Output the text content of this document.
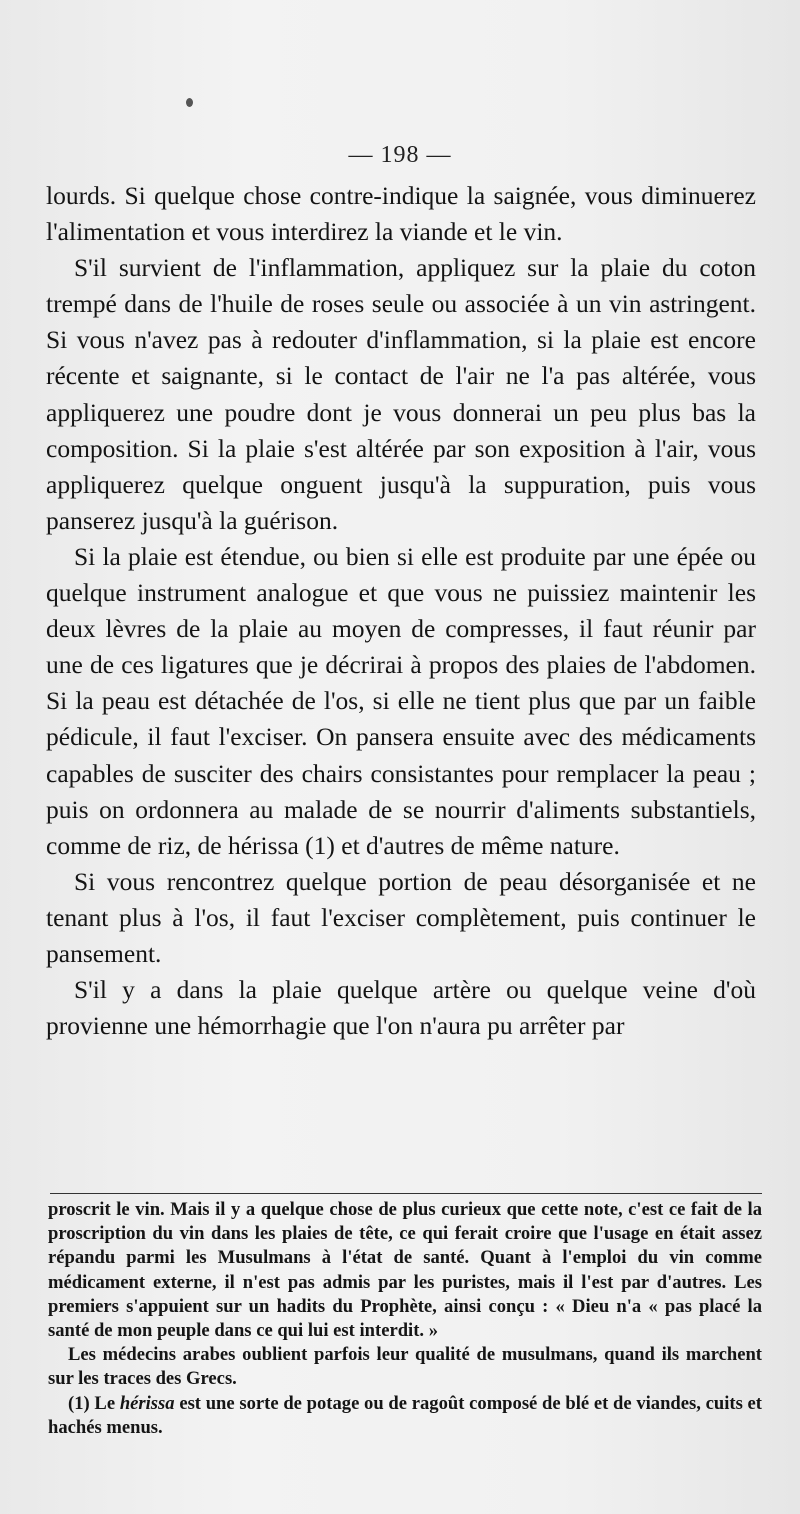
— 198 —

lourds. Si quelque chose contre-indique la saignée, vous diminuerez l'alimentation et vous interdirez la viande et le vin.

S'il survient de l'inflammation, appliquez sur la plaie du coton trempé dans de l'huile de roses seule ou associée à un vin astringent. Si vous n'avez pas à redouter d'inflammation, si la plaie est encore récente et saignante, si le contact de l'air ne l'a pas altérée, vous appliquerez une poudre dont je vous donnerai un peu plus bas la composition. Si la plaie s'est altérée par son exposition à l'air, vous appliquerez quelque onguent jusqu'à la suppuration, puis vous panserez jusqu'à la guérison.

Si la plaie est étendue, ou bien si elle est produite par une épée ou quelque instrument analogue et que vous ne puissiez maintenir les deux lèvres de la plaie au moyen de compresses, il faut réunir par une de ces ligatures que je décrirai à propos des plaies de l'abdomen. Si la peau est détachée de l'os, si elle ne tient plus que par un faible pédicule, il faut l'exciser. On pansera ensuite avec des médicaments capables de susciter des chairs consistantes pour remplacer la peau ; puis on ordonnera au malade de se nourrir d'aliments substantiels, comme de riz, de hérissa (1) et d'autres de même nature.

Si vous rencontrez quelque portion de peau désorganisée et ne tenant plus à l'os, il faut l'exciser complètement, puis continuer le pansement.

S'il y a dans la plaie quelque artère ou quelque veine d'où provienne une hémorrhagie que l'on n'aura pu arrêter par

proscrit le vin. Mais il y a quelque chose de plus curieux que cette note, c'est ce fait de la proscription du vin dans les plaies de tête, ce qui ferait croire que l'usage en était assez répandu parmi les Musulmans à l'état de santé. Quant à l'emploi du vin comme médicament externe, il n'est pas admis par les puristes, mais il l'est par d'autres. Les premiers s'appuient sur un hadits du Prophète, ainsi conçu : « Dieu n'a « pas placé la santé de mon peuple dans ce qui lui est interdit. »

Les médecins arabes oublient parfois leur qualité de musulmans, quand ils marchent sur les traces des Grecs.

(1) Le hérissa est une sorte de potage ou de ragoût composé de blé et de viandes, cuits et hachés menus.
